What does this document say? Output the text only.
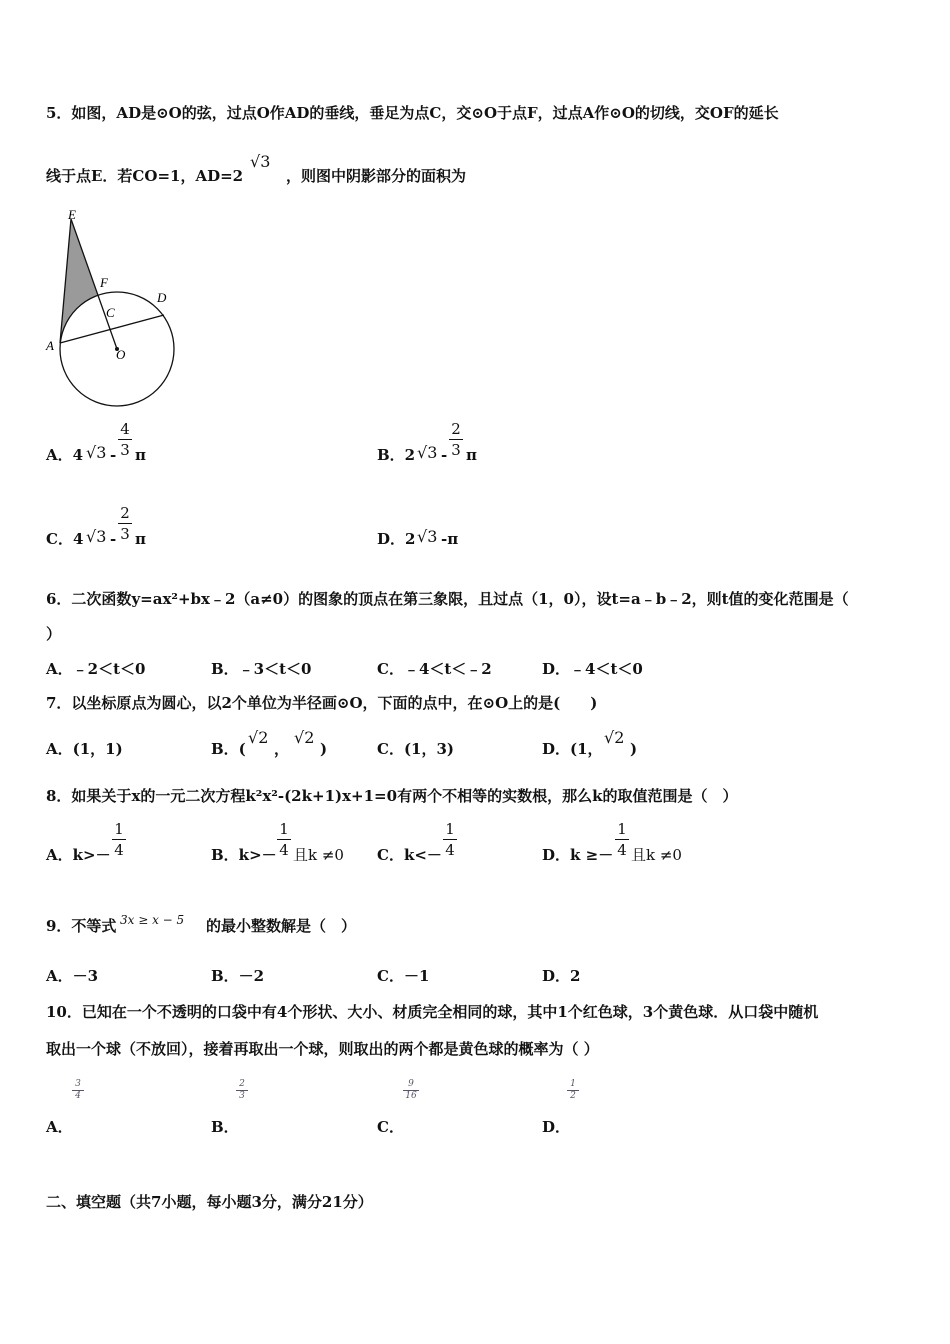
5．如图，AD是⊙O的弦，过点O作AD的垂线，垂足为点C，交⊙O于点F，过点A作⊙O的切线，交OF的延长
线于点E．若CO=1，AD=2
√3
，则图中阴影部分的面积为
E
F
C
D
A
O
A．4 √3 -
4
3 π	B．2 √3 -
2
3 π
C．4 √3 -
2
3 π	D．2 √3 -π
6．二次函数y=ax²+bx﹣2（a≠0）的图象的顶点在第三象限，且过点（1，0），设t=a﹣b﹣2，则t值的变化范围是（
）
A．﹣2＜t＜0	B．﹣3＜t＜0	C．﹣4＜t＜﹣2	D．﹣4＜t＜0
7．以坐标原点为圆心，以2个单位为半径画⊙O，下面的点中，在⊙O上的是(　　)
A．(1，1)	B．(
√2
，
√2
)	C．(1，3)	D．(1，
√2
)
8．如果关于x的一元二次方程k²x²-(2k+1)x+1=0有两个不相等的实数根，那么k的取值范围是（　）
A．k>－
1
4	B．k>－
1
4 且k ≠0 C．k<－
1
4	D．k ≥－
1
4 且k ≠0
9．不等式 3x ≥ x − 5 的最小整数解是（　）
A．－3	B．－2	C．－1	D．2
10．已知在一个不透明的口袋中有4个形状、大小、材质完全相同的球，其中1个红色球，3个黄色球．从口袋中随机
取出一个球（不放回），接着再取出一个球，则取出的两个都是黄色球的概率为（ ）
3
4
2
3
9
16
1
2
A．	B．	C．	D．
二、填空题（共7小题，每小题3分，满分21分）
